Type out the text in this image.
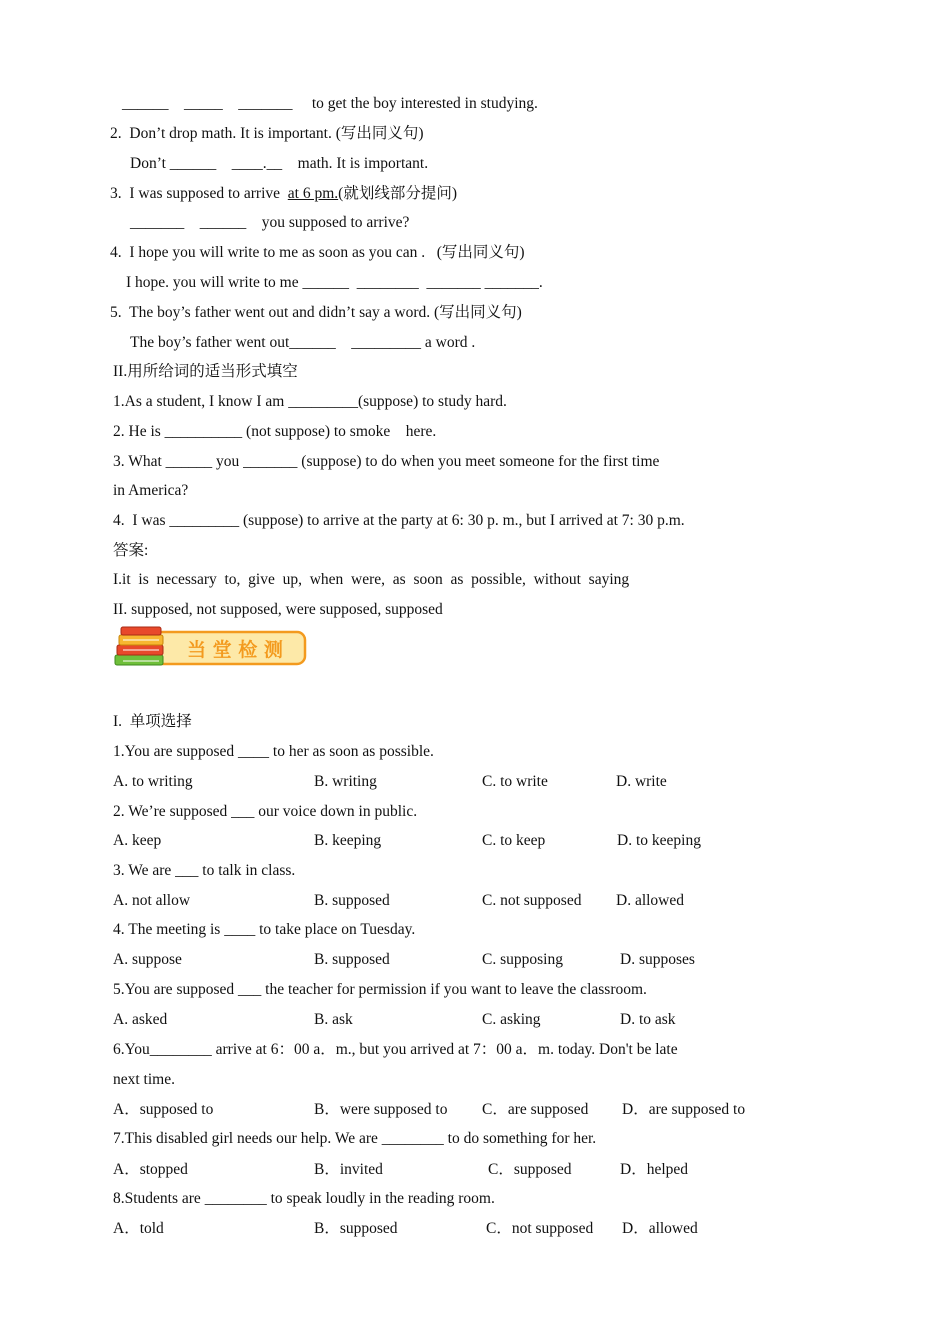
______    _____    _______     to get the boy interested in studying.
2.  Don’t drop math. It is important. (写出同义句)
Don’t ______    ____.__    math. It is important.
3.  I was supposed to arrive  at 6 pm.(就划线部分提问)
_______    ______    you supposed to arrive?
4.  I hope you will write to me as soon as you can .   (写出同义句)
I hope. you will write to me ______  ________  _______ _______.
5.  The boy’s father went out and didn’t say a word. (写出同义句)
The boy’s father went out______    _________ a word .
II.用所给词的适当形式填空
1.As a student, I know I am _________(suppose) to study hard.
2. He is __________ (not suppose) to smoke    here.
3. What ______ you _______ (suppose) to do when you meet someone for the first time
in America?
4.  I was _________ (suppose) to arrive at the party at 6: 30 p. m., but I arrived at 7: 30 p.m.
答案:
I.it  is  necessary  to,  give  up,  when  were,  as  soon  as  possible,  without  saying
II. supposed, not supposed, were supposed, supposed
当 堂 检 测
I.  单项选择
1.You are supposed ____ to her as soon as possible.
A. to writing	B. writing	C. to write	D. write
2. We’re supposed ___ our voice down in public.
A. keep	B. keeping	C. to keep	D. to keeping
3. We are ___ to talk in class.
A. not allow	B. supposed	C. not supposed D. allowed
4. The meeting is ____ to take place on Tuesday.
A. suppose	B. supposed	C. supposing	D. supposes
5.You are supposed ___ the teacher for permission if you want to leave the classroom.
A. asked	B. ask	C. asking	D. to ask
6.You________ arrive at 6：00 a．m., but you arrived at 7：00 a．m. today. Don't be late
next time.
A．supposed to	B．were supposed to C．are supposed D．are supposed to
7.This disabled girl needs our help. We are ________ to do something for her.
A．stopped	B．invited	C．supposed	D．helped
8.Students are ________ to speak loudly in the reading room.
A．told	B．supposed	C．not supposed D．allowed
